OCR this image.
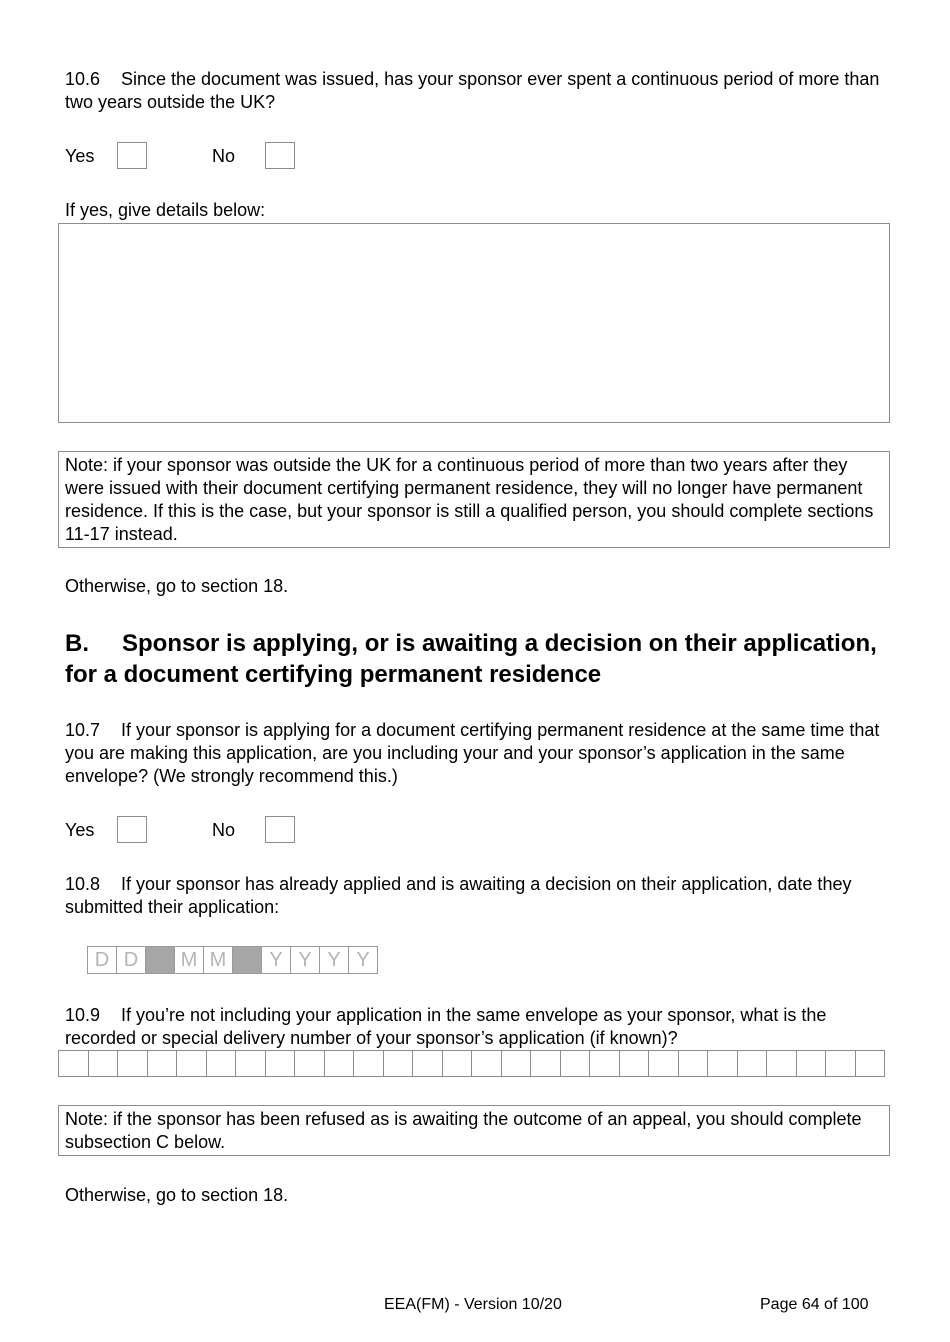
10.6 Since the document was issued, has your sponsor ever spent a continuous period of more than two years outside the UK?

Yes	No
If yes, give details below:
Note: if your sponsor was outside the UK for a continuous period of more than two years after they were issued with their document certifying permanent residence, they will no longer have permanent residence. If this is the case, but your sponsor is still a qualified person, you should complete sections 11-17 instead.
Otherwise, go to section 18.
B. Sponsor is applying, or is awaiting a decision on their application, for a document certifying permanent residence

10.7 If your sponsor is applying for a document certifying permanent residence at the same time that you are making this application, are you including your and your sponsor’s application in the same envelope? (We strongly recommend this.)

Yes	No

10.8 If your sponsor has already applied and is awaiting a decision on their application, date they submitted their application:

D D	M M	Y Y Y Y

10.9 If you’re not including your application in the same envelope as your sponsor, what is the recorded or special delivery number of your sponsor’s application (if known)?

Note: if the sponsor has been refused as is awaiting the outcome of an appeal, you should complete subsection C below.
Otherwise, go to section 18.
EEA(FM) - Version 10/20	Page 64 of 100
